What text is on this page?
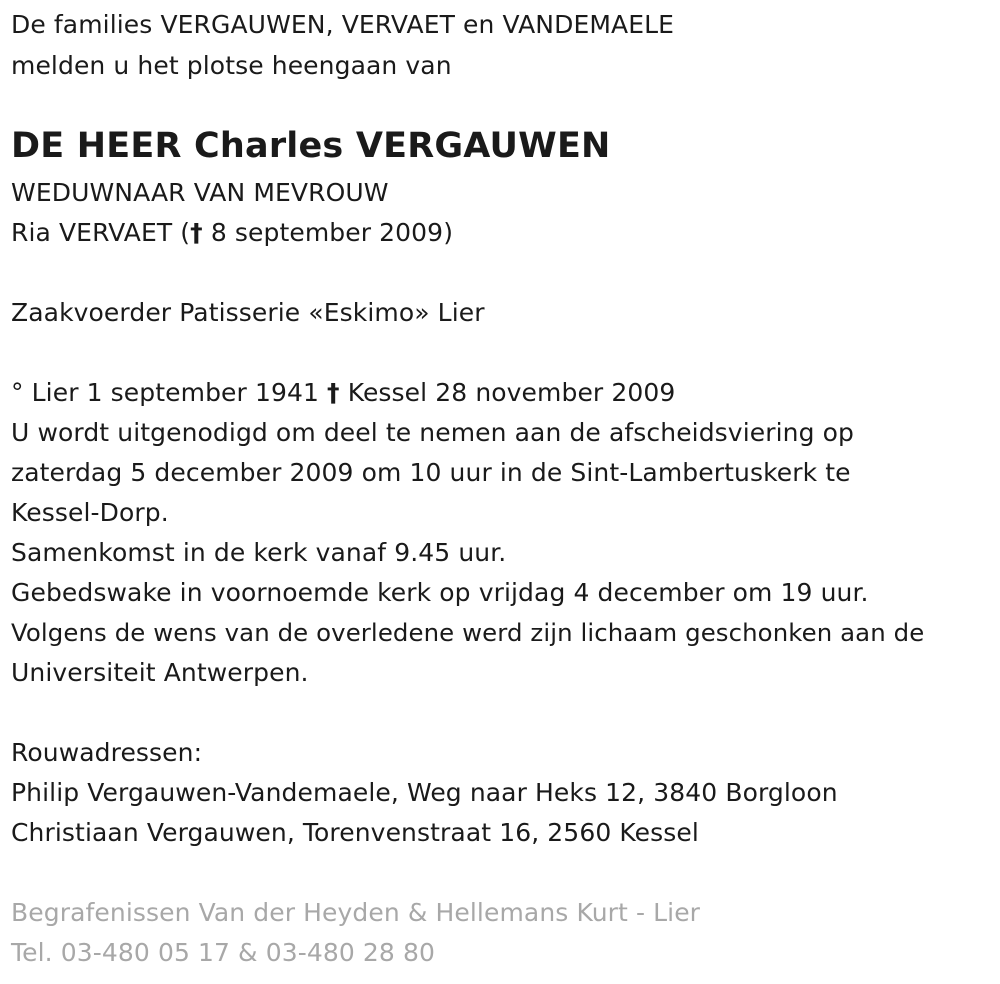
De families VERGAUWEN, VERVAET en VANDEMAELE
melden u het plotse heengaan van
DE HEER Charles VERGAUWEN
WEDUWNAAR VAN MEVROUW
Ria VERVAET († 8 september 2009)
Zaakvoerder Patisserie «Eskimo» Lier
° Lier 1 september 1941 † Kessel 28 november 2009
U wordt uitgenodigd om deel te nemen aan de afscheidsviering op
zaterdag 5 december 2009 om 10 uur in de Sint-Lambertuskerk te
Kessel-Dorp.
Samenkomst in de kerk vanaf 9.45 uur.
Gebedswake in voornoemde kerk op vrijdag 4 december om 19 uur.
Volgens de wens van de overledene werd zijn lichaam geschonken aan de
Universiteit Antwerpen.
Rouwadressen:
Philip Vergauwen-Vandemaele, Weg naar Heks 12, 3840 Borgloon
Christiaan Vergauwen, Torenvenstraat 16, 2560 Kessel
Begrafenissen Van der Heyden & Hellemans Kurt - Lier
Tel. 03-480 05 17 & 03-480 28 80
